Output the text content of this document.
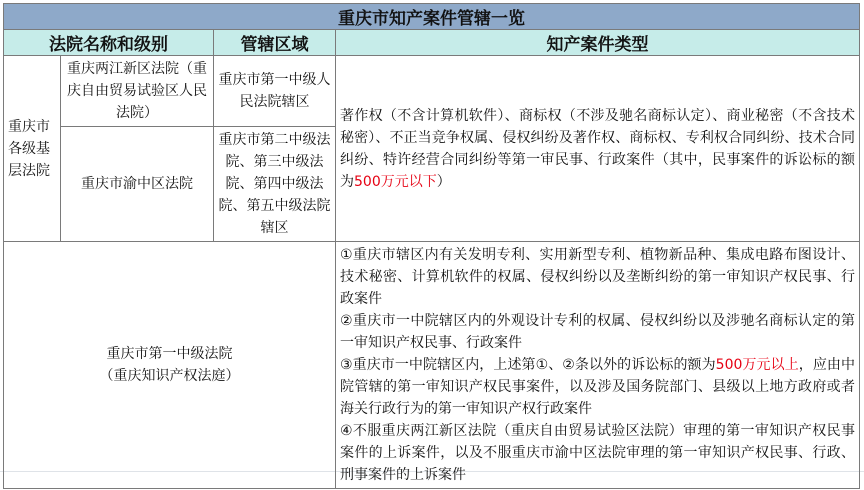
重庆市知产案件管辖一览			
法院名称和级别		管辖区域	知产案件类型
重庆市各级基层法院	重庆两江新区法院（重庆自由贸易试验区人民法院）	重庆市第一中级人民法院辖区	著作权（不含计算机软件）、商标权（不涉及驰名商标认定）、商业秘密（不含技术秘密）、不正当竞争权属、侵权纠纷及著作权、商标权、专利权合同纠纷、技术合同纠纷、特许经营合同纠纷等第一审民事、行政案件（其中，民事案件的诉讼标的额为500万元以下）
	重庆市渝中区法院	重庆市第二中级法院、第三中级法院、第四中级法院、第五中级法院辖区	

重庆市第一中级法院
（重庆知识产权法庭）			①重庆市辖区内有关发明专利、实用新型专利、植物新品种、集成电路布图设计、技术秘密、计算机软件的权属、侵权纠纷以及垄断纠纷的第一审知识产权民事、行政案件
②重庆市一中院辖区内的外观设计专利的权属、侵权纠纷以及涉驰名商标认定的第一审知识产权民事、行政案件
③重庆市一中院辖区内，上述第①、②条以外的诉讼标的额为500万元以上，应由中院管辖的第一审知识产权民事案件，以及涉及国务院部门、县级以上地方政府或者海关行政行为的第一审知识产权行政案件
④不服重庆两江新区法院（重庆自由贸易试验区法院）审理的第一审知识产权民事案件的上诉案件，以及不服重庆市渝中区法院审理的第一审知识产权民事、行政、刑事案件的上诉案件
